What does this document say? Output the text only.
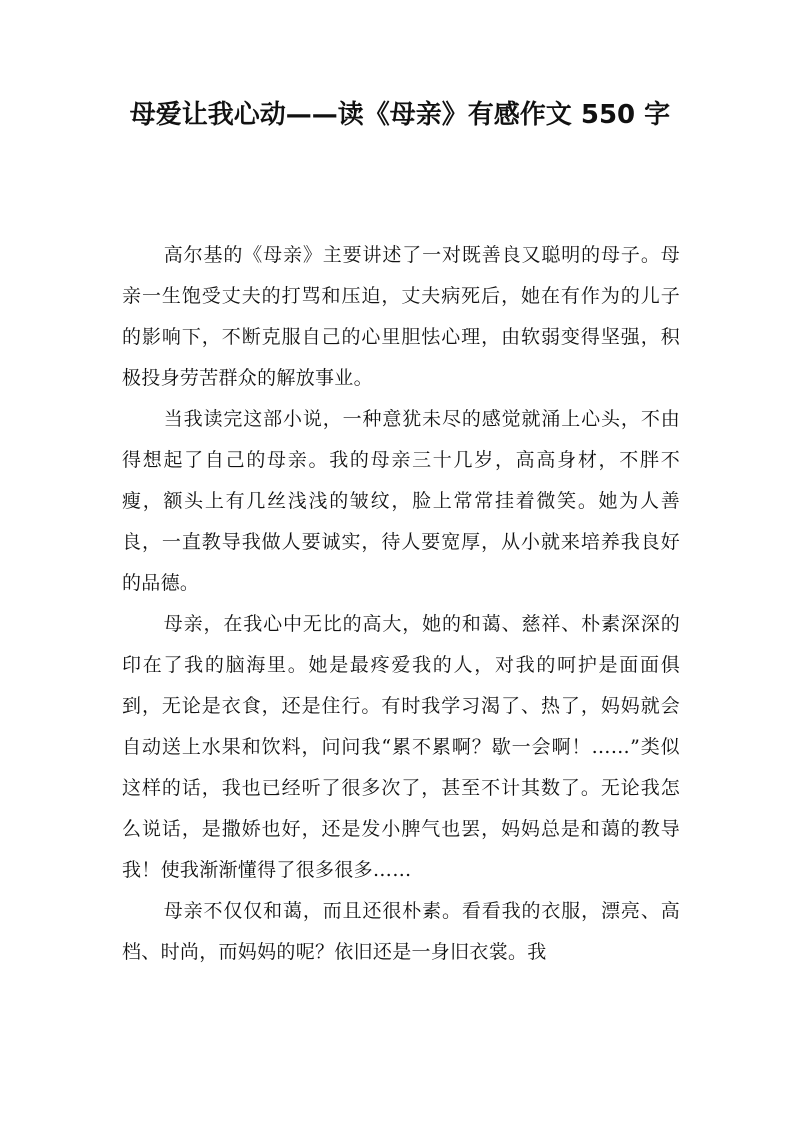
母爱让我心动——读《母亲》有感作文 550 字

高尔基的《母亲》主要讲述了一对既善良又聪明的母子。母亲一生饱受丈夫的打骂和压迫，丈夫病死后，她在有作为的儿子的影响下，不断克服自己的心里胆怯心理，由软弱变得坚强，积极投身劳苦群众的解放事业。

当我读完这部小说，一种意犹未尽的感觉就涌上心头，不由得想起了自己的母亲。我的母亲三十几岁，高高身材，不胖不瘦，额头上有几丝浅浅的皱纹，脸上常常挂着微笑。她为人善良，一直教导我做人要诚实，待人要宽厚，从小就来培养我良好的品德。

母亲，在我心中无比的高大，她的和蔼、慈祥、朴素深深的印在了我的脑海里。她是最疼爱我的人，对我的呵护是面面俱到，无论是衣食，还是住行。有时我学习渴了、热了，妈妈就会自动送上水果和饮料，问问我“累不累啊？歇一会啊！……”类似这样的话，我也已经听了很多次了，甚至不计其数了。无论我怎么说话，是撒娇也好，还是发小脾气也罢，妈妈总是和蔼的教导我！使我渐渐懂得了很多很多……

母亲不仅仅和蔼，而且还很朴素。看看我的衣服，漂亮、高档、时尚，而妈妈的呢？依旧还是一身旧衣裳。我
